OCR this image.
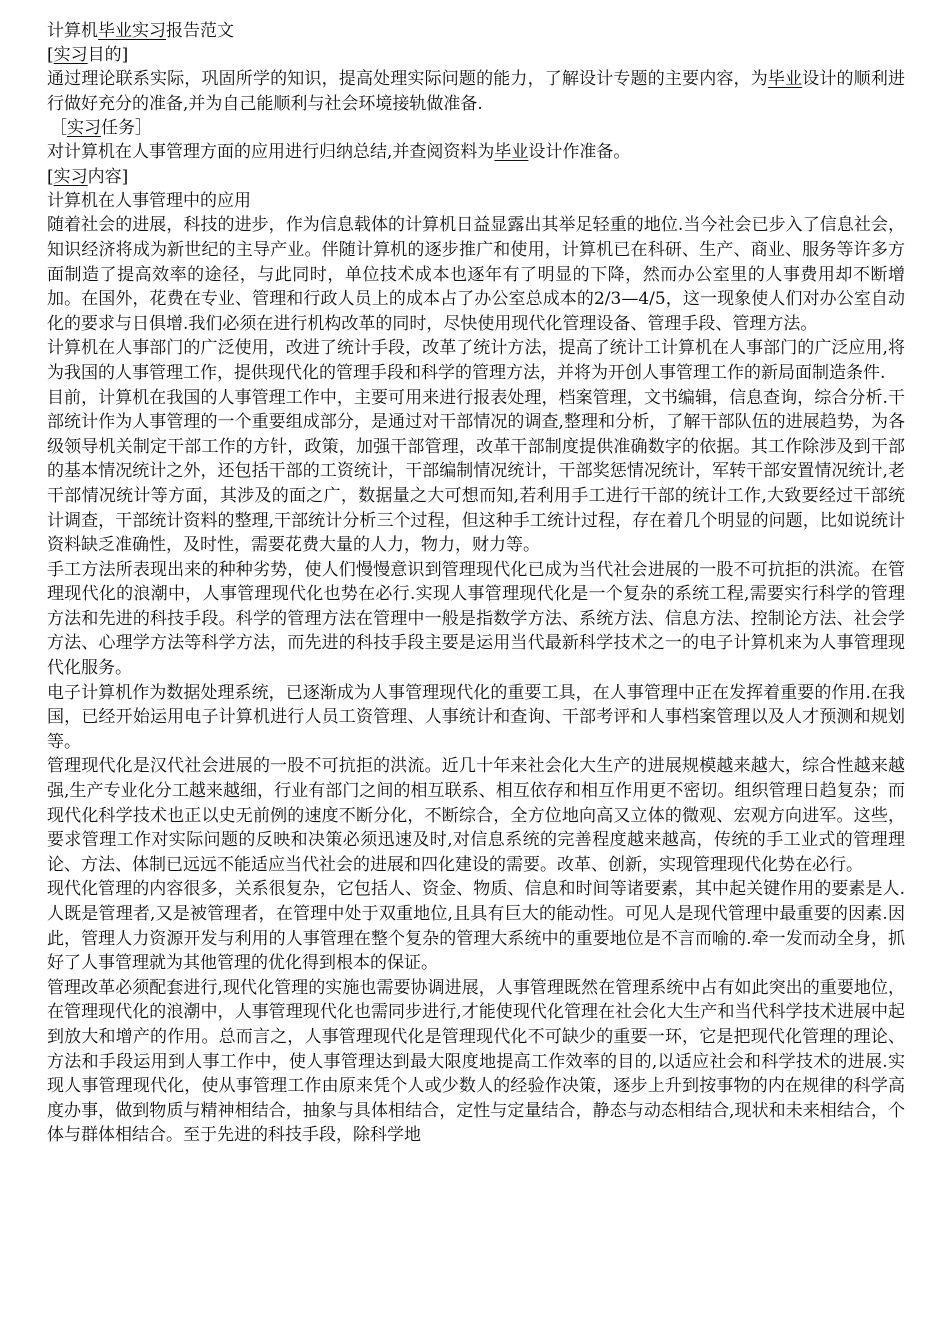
计算机毕业实习报告范文
[实习目的]

通过理论联系实际，巩固所学的知识，提高处理实际问题的能力，了解设计专题的主要内容，为毕业设计的顺利进行做好充分的准备,并为自己能顺利与社会环境接轨做准备.

［实习任务］

对计算机在人事管理方面的应用进行归纳总结,并查阅资料为毕业设计作准备。

[实习内容]

计算机在人事管理中的应用

随着社会的进展，科技的进步，作为信息载体的计算机日益显露出其举足轻重的地位.当今社会已步入了信息社会，知识经济将成为新世纪的主导产业。伴随计算机的逐步推广和使用，计算机已在科研、生产、商业、服务等许多方面制造了提高效率的途径，与此同时，单位技术成本也逐年有了明显的下降，然而办公室里的人事费用却不断增加。在国外，花费在专业、管理和行政人员上的成本占了办公室总成本的2/3—4/5，这一现象使人们对办公室自动化的要求与日俱增.我们必须在进行机构改革的同时，尽快使用现代化管理设备、管理手段、管理方法。

计算机在人事部门的广泛使用，改进了统计手段，改革了统计方法，提高了统计工计算机在人事部门的广泛应用,将为我国的人事管理工作，提供现代化的管理手段和科学的管理方法，并将为开创人事管理工作的新局面制造条件.

目前，计算机在我国的人事管理工作中，主要可用来进行报表处理，档案管理，文书编辑，信息查询，综合分析.干部统计作为人事管理的一个重要组成部分，是通过对干部情况的调查,整理和分析，了解干部队伍的进展趋势，为各级领导机关制定干部工作的方针，政策，加强干部管理，改革干部制度提供准确数字的依据。其工作除涉及到干部的基本情况统计之外，还包括干部的工资统计，干部编制情况统计，干部奖惩情况统计，军转干部安置情况统计,老干部情况统计等方面，其涉及的面之广，数据量之大可想而知,若利用手工进行干部的统计工作,大致要经过干部统计调查，干部统计资料的整理,干部统计分析三个过程，但这种手工统计过程，存在着几个明显的问题，比如说统计资料缺乏准确性，及时性，需要花费大量的人力，物力，财力等。

手工方法所表现出来的种种劣势，使人们慢慢意识到管理现代化已成为当代社会进展的一股不可抗拒的洪流。在管理现代化的浪潮中，人事管理现代化也势在必行.实现人事管理现代化是一个复杂的系统工程,需要实行科学的管理方法和先进的科技手段。科学的管理方法在管理中一般是指数学方法、系统方法、信息方法、控制论方法、社会学方法、心理学方法等科学方法，而先进的科技手段主要是运用当代最新科学技术之一的电子计算机来为人事管理现代化服务。

电子计算机作为数据处理系统，已逐渐成为人事管理现代化的重要工具，在人事管理中正在发挥着重要的作用.在我国，已经开始运用电子计算机进行人员工资管理、人事统计和查询、干部考评和人事档案管理以及人才预测和规划等。

管理现代化是汉代社会进展的一股不可抗拒的洪流。近几十年来社会化大生产的进展规模越来越大，综合性越来越强,生产专业化分工越来越细，行业有部门之间的相互联系、相互依存和相互作用更不密切。组织管理日趋复杂；而现代化科学技术也正以史无前例的速度不断分化，不断综合，全方位地向高又立体的微观、宏观方向进军。这些，要求管理工作对实际问题的反映和决策必须迅速及时,对信息系统的完善程度越来越高，传统的手工业式的管理理论、方法、体制已远远不能适应当代社会的进展和四化建设的需要。改革、创新，实现管理现代化势在必行。

现代化管理的内容很多，关系很复杂，它包括人、资金、物质、信息和时间等诸要素，其中起关键作用的要素是人.人既是管理者,又是被管理者，在管理中处于双重地位,且具有巨大的能动性。可见人是现代管理中最重要的因素.因此，管理人力资源开发与利用的人事管理在整个复杂的管理大系统中的重要地位是不言而喻的.牵一发而动全身，抓好了人事管理就为其他管理的优化得到根本的保证。

管理改革必须配套进行,现代化管理的实施也需要协调进展，人事管理既然在管理系统中占有如此突出的重要地位，在管理现代化的浪潮中，人事管理现代化也需同步进行,才能使现代化管理在社会化大生产和当代科学技术进展中起到放大和增产的作用。总而言之，人事管理现代化是管理现代化不可缺少的重要一环，它是把现代化管理的理论、方法和手段运用到人事工作中，使人事管理达到最大限度地提高工作效率的目的,以适应社会和科学技术的进展.实现人事管理现代化，使从事管理工作由原来凭个人或少数人的经验作决策，逐步上升到按事物的内在规律的科学高度办事，做到物质与精神相结合，抽象与具体相结合，定性与定量结合，静态与动态相结合,现状和未来相结合，个体与群体相结合。至于先进的科技手段，除科学地
